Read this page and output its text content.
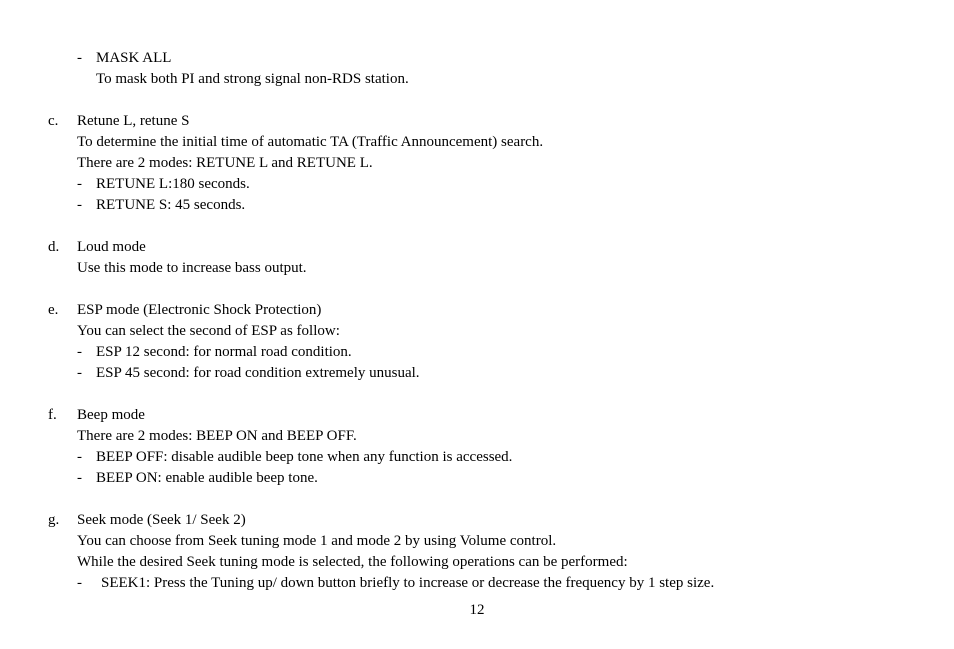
- MASK ALL
To mask both PI and strong signal non-RDS station.
c. Retune L, retune S
To determine the initial time of automatic TA (Traffic Announcement) search.
There are 2 modes: RETUNE L and RETUNE L.
- RETUNE L:180 seconds.
- RETUNE S: 45 seconds.
d. Loud mode
Use this mode to increase bass output.
e. ESP mode (Electronic Shock Protection)
You can select the second of ESP as follow:
- ESP 12 second: for normal road condition.
- ESP 45 second: for road condition extremely unusual.
f. Beep mode
There are 2 modes: BEEP ON and BEEP OFF.
- BEEP OFF: disable audible beep tone when any function is accessed.
- BEEP ON: enable audible beep tone.
g. Seek mode (Seek 1/ Seek 2)
You can choose from Seek tuning mode 1 and mode 2 by using Volume control.
While the desired Seek tuning mode is selected, the following operations can be performed:
- SEEK1: Press the Tuning up/ down button briefly to increase or decrease the frequency by 1 step size.
12
